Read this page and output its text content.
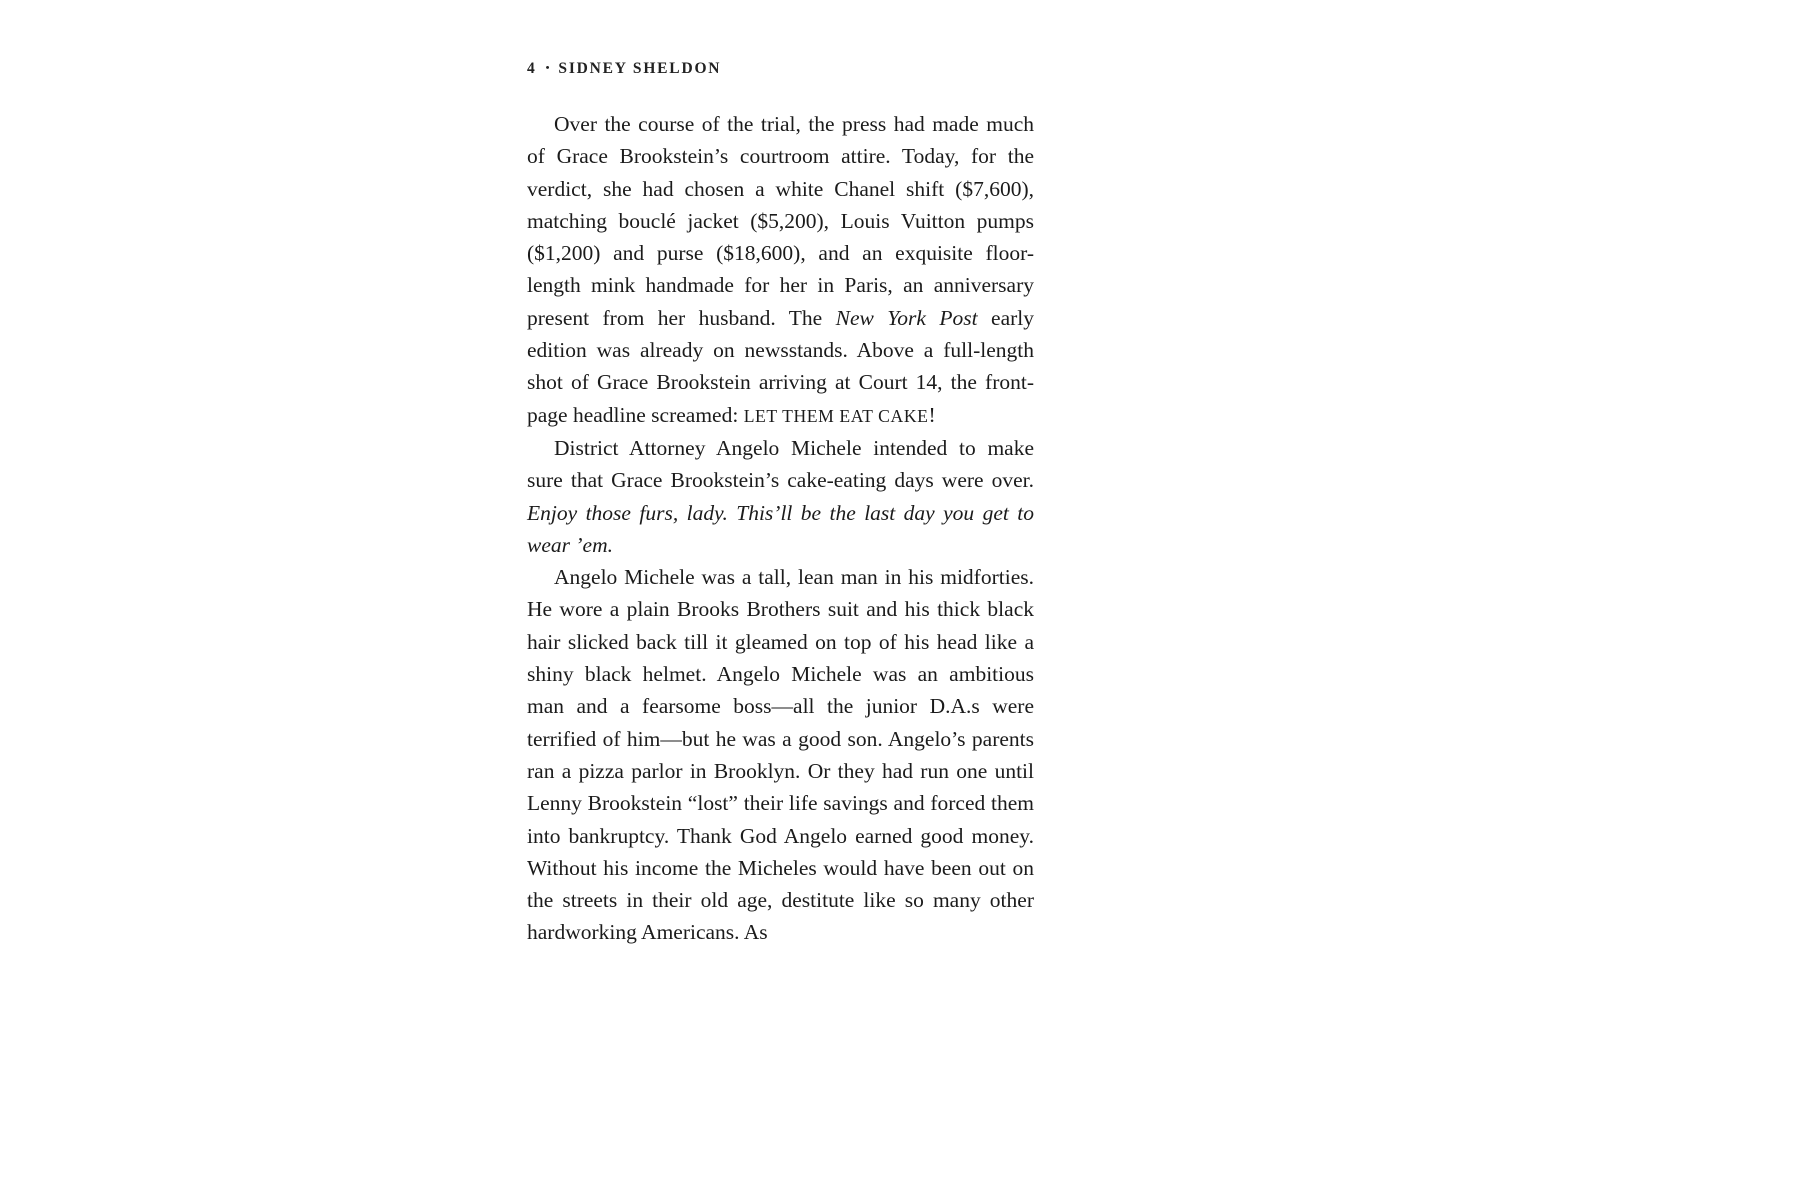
4 • SIDNEY SHELDON

Over the course of the trial, the press had made much of Grace Brookstein’s courtroom attire. Today, for the verdict, she had chosen a white Chanel shift ($7,600), matching bouclé jacket ($5,200), Louis Vuitton pumps ($1,200) and purse ($18,600), and an exquisite floor-length mink handmade for her in Paris, an anniversary present from her husband. The New York Post early edition was already on newsstands. Above a full-length shot of Grace Brookstein arriving at Court 14, the front-page headline screamed: LET THEM EAT CAKE!

District Attorney Angelo Michele intended to make sure that Grace Brookstein’s cake-eating days were over. Enjoy those furs, lady. This’ll be the last day you get to wear ’em.

Angelo Michele was a tall, lean man in his midforties. He wore a plain Brooks Brothers suit and his thick black hair slicked back till it gleamed on top of his head like a shiny black helmet. Angelo Michele was an ambitious man and a fearsome boss—all the junior D.A.s were terrified of him—but he was a good son. Angelo’s parents ran a pizza parlor in Brooklyn. Or they had run one until Lenny Brookstein “lost” their life savings and forced them into bankruptcy. Thank God Angelo earned good money. Without his income the Micheles would have been out on the streets in their old age, destitute like so many other hardworking Americans. As
